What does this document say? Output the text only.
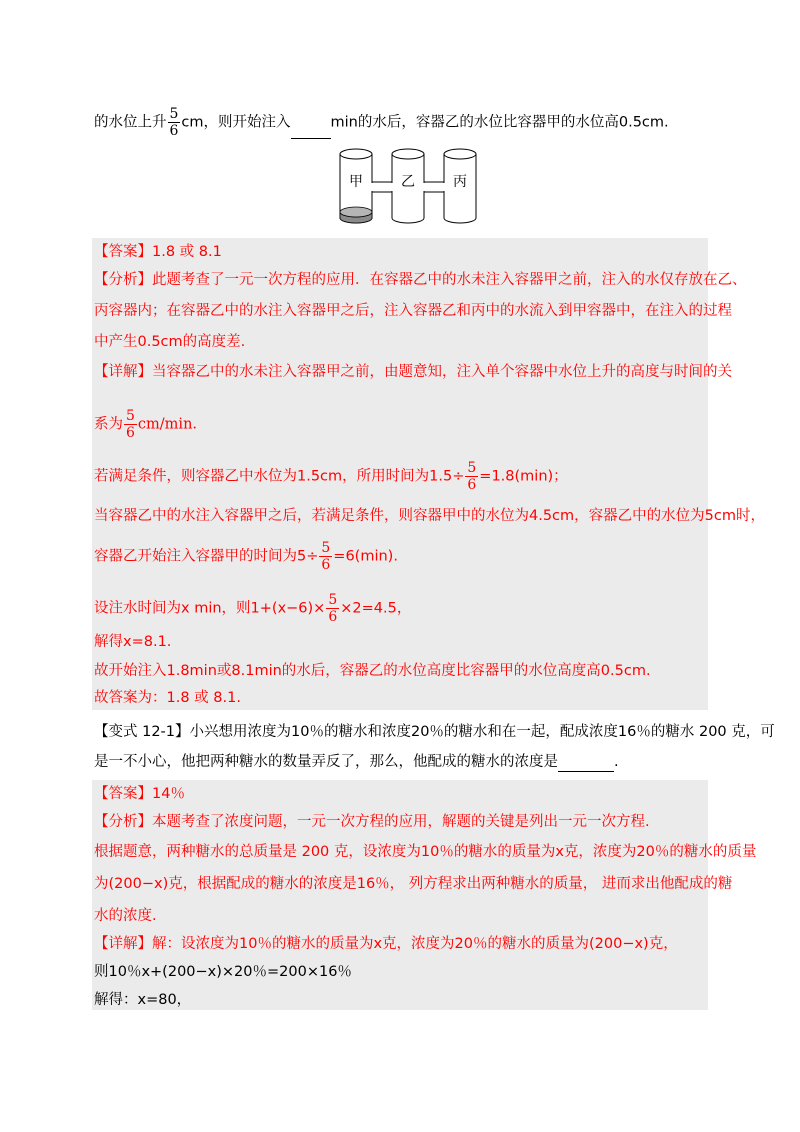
的水位上升 $\frac{5}{6}$ cm，则开始注入	min的水后，容器乙的水位比容器甲的水位高0.5cm.
甲	乙	丙
【答案】1.8 或 8.1
【分析】此题考查了一元一次方程的应用．在容器乙中的水未注入容器甲之前，注入的水仅存放在乙、
丙容器内；在容器乙中的水注入容器甲之后，注入容器乙和丙中的水流入到甲容器中，在注入的过程
中产生0.5cm的高度差.
【详解】当容器乙中的水未注入容器甲之前，由题意知，注入单个容器中水位上升的高度与时间的关
系为 $\frac{5}{6} cm/\min$.
若满足条件，则容器乙中水位为1.5cm，所用时间为$1.5\div \frac{5}{6} =1.8(\min)$；
当容器乙中的水注入容器甲之后，若满足条件，则容器甲中的水位为4.5cm，容器乙中的水位为5cm时，
容器乙开始注入容器甲的时间为$5\div \frac{5}{6} =6(\min)$.
设注水时间为x min，则$1+(x-6)\times \frac{5}{6} \times 2=4.5$，
解得x=8.1.
故开始注入1.8min或8.1min的水后，容器乙的水位高度比容器甲的水位高度高0.5cm.
故答案为：1.8 或 8.1.
【变式 12-1】小兴想用浓度为10％的糖水和浓度20％的糖水和在一起，配成浓度16％的糖水 200 克，可
是一不小心，他把两种糖水的数量弄反了，那么，他配成的糖水的浓度是	.
【答案】14％
【分析】本题考查了浓度问题，一元一次方程的应用，解题的关键是列出一元一次方程.
根据题意，两种糖水的总质量是 200 克，设浓度为10％的糖水的质量为x克，浓度为20％的糖水的质量
为(200−x)克，根据配成的糖水的浓度是16％， 列方程求出两种糖水的质量， 进而求出他配成的糖
水的浓度.
【详解】解：设浓度为10％的糖水的质量为x克，浓度为20％的糖水的质量为(200−x)克，
则10％x+(200−x)×20％=200×16％
解得：x=80，
